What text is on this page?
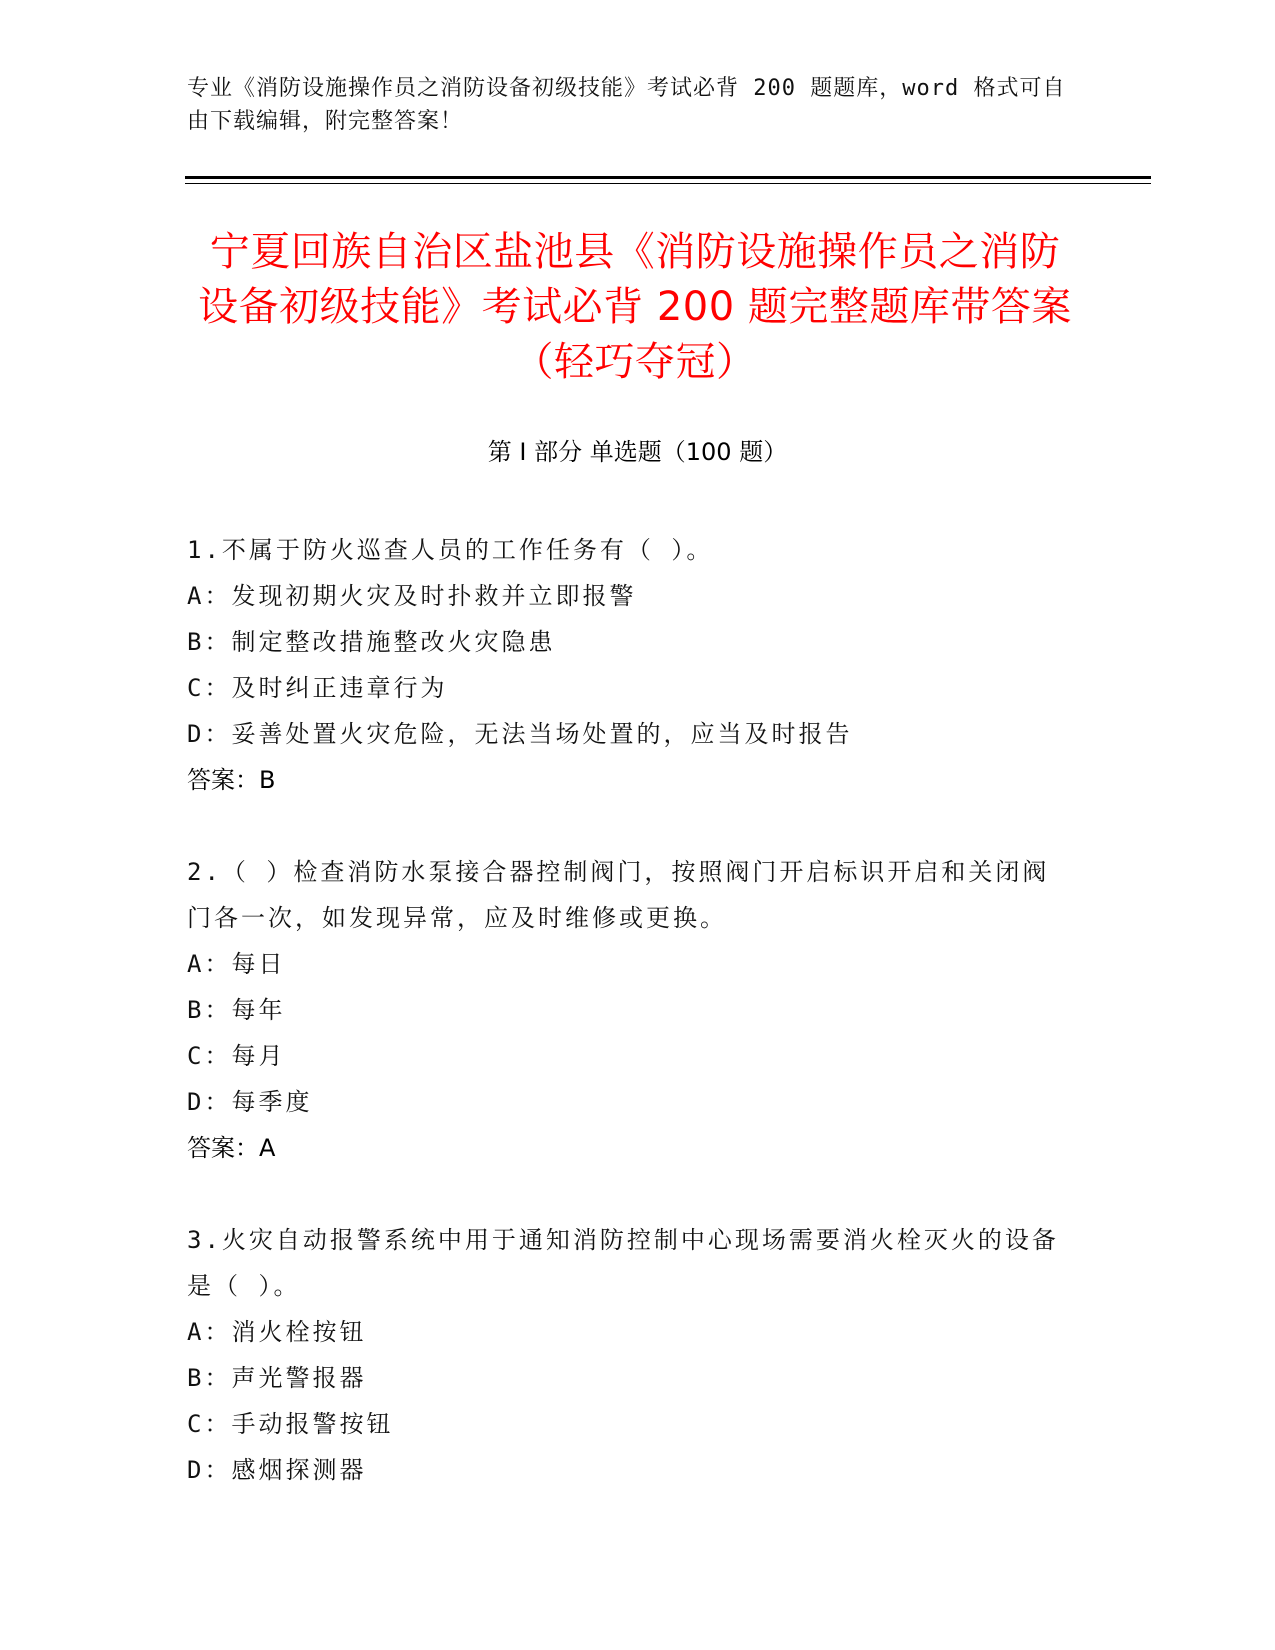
专业《消防设施操作员之消防设备初级技能》考试必背 200 题题库，word 格式可自由下载编辑，附完整答案！
宁夏回族自治区盐池县《消防设施操作员之消防设备初级技能》考试必背 200 题完整题库带答案（轻巧夺冠）
第 I 部分 单选题（100 题）
1.不属于防火巡查人员的工作任务有（ ）。
A：发现初期火灾及时扑救并立即报警
B：制定整改措施整改火灾隐患
C：及时纠正违章行为
D：妥善处置火灾危险，无法当场处置的，应当及时报告
答案：B
2.（ ）检查消防水泵接合器控制阀门，按照阀门开启标识开启和关闭阀门各一次，如发现异常，应及时维修或更换。
A：每日
B：每年
C：每月
D：每季度
答案：A
3.火灾自动报警系统中用于通知消防控制中心现场需要消火栓灭火的设备是（ ）。
A：消火栓按钮
B：声光警报器
C：手动报警按钮
D：感烟探测器
